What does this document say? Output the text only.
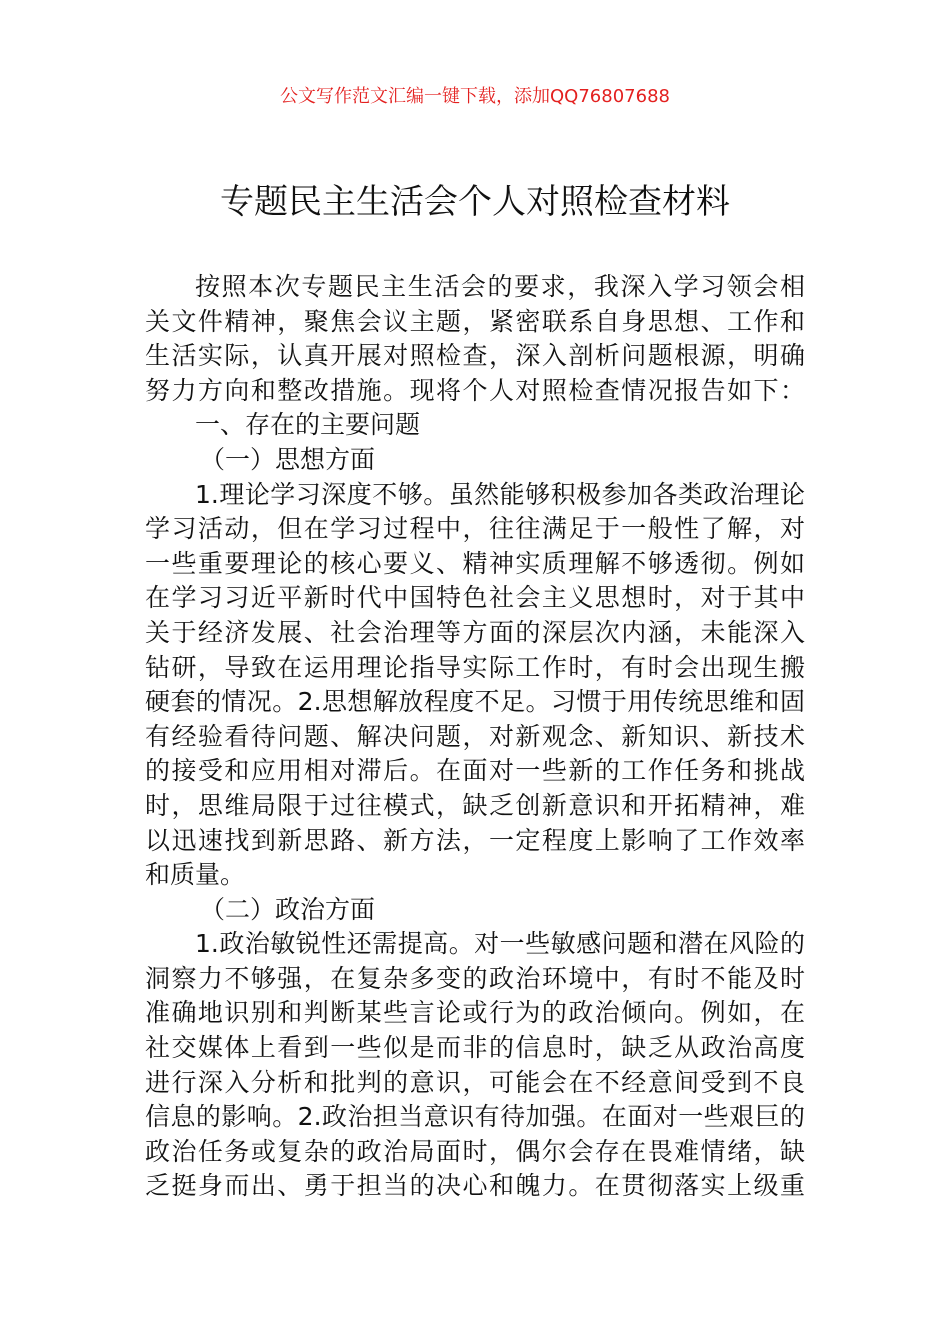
公文写作范文汇编一键下载，添加QQ76807688
专题民主生活会个人对照检查材料
按照本次专题民主生活会的要求，我深入学习领会相
关文件精神，聚焦会议主题，紧密联系自身思想、工作和
生活实际，认真开展对照检查，深入剖析问题根源，明确
努力方向和整改措施。现将个人对照检查情况报告如下：
一、存在的主要问题
（一）思想方面
1.理论学习深度不够。虽然能够积极参加各类政治理论
学习活动，但在学习过程中，往往满足于一般性了解，对
一些重要理论的核心要义、精神实质理解不够透彻。例如
在学习习近平新时代中国特色社会主义思想时，对于其中
关于经济发展、社会治理等方面的深层次内涵，未能深入
钻研，导致在运用理论指导实际工作时，有时会出现生搬
硬套的情况。2.思想解放程度不足。习惯于用传统思维和固
有经验看待问题、解决问题，对新观念、新知识、新技术
的接受和应用相对滞后。在面对一些新的工作任务和挑战
时，思维局限于过往模式，缺乏创新意识和开拓精神，难
以迅速找到新思路、新方法，一定程度上影响了工作效率
和质量。
（二）政治方面
1.政治敏锐性还需提高。对一些敏感问题和潜在风险的
洞察力不够强，在复杂多变的政治环境中，有时不能及时
准确地识别和判断某些言论或行为的政治倾向。例如，在
社交媒体上看到一些似是而非的信息时，缺乏从政治高度
进行深入分析和批判的意识，可能会在不经意间受到不良
信息的影响。2.政治担当意识有待加强。在面对一些艰巨的
政治任务或复杂的政治局面时，偶尔会存在畏难情绪，缺
乏挺身而出、勇于担当的决心和魄力。在贯彻落实上级重
